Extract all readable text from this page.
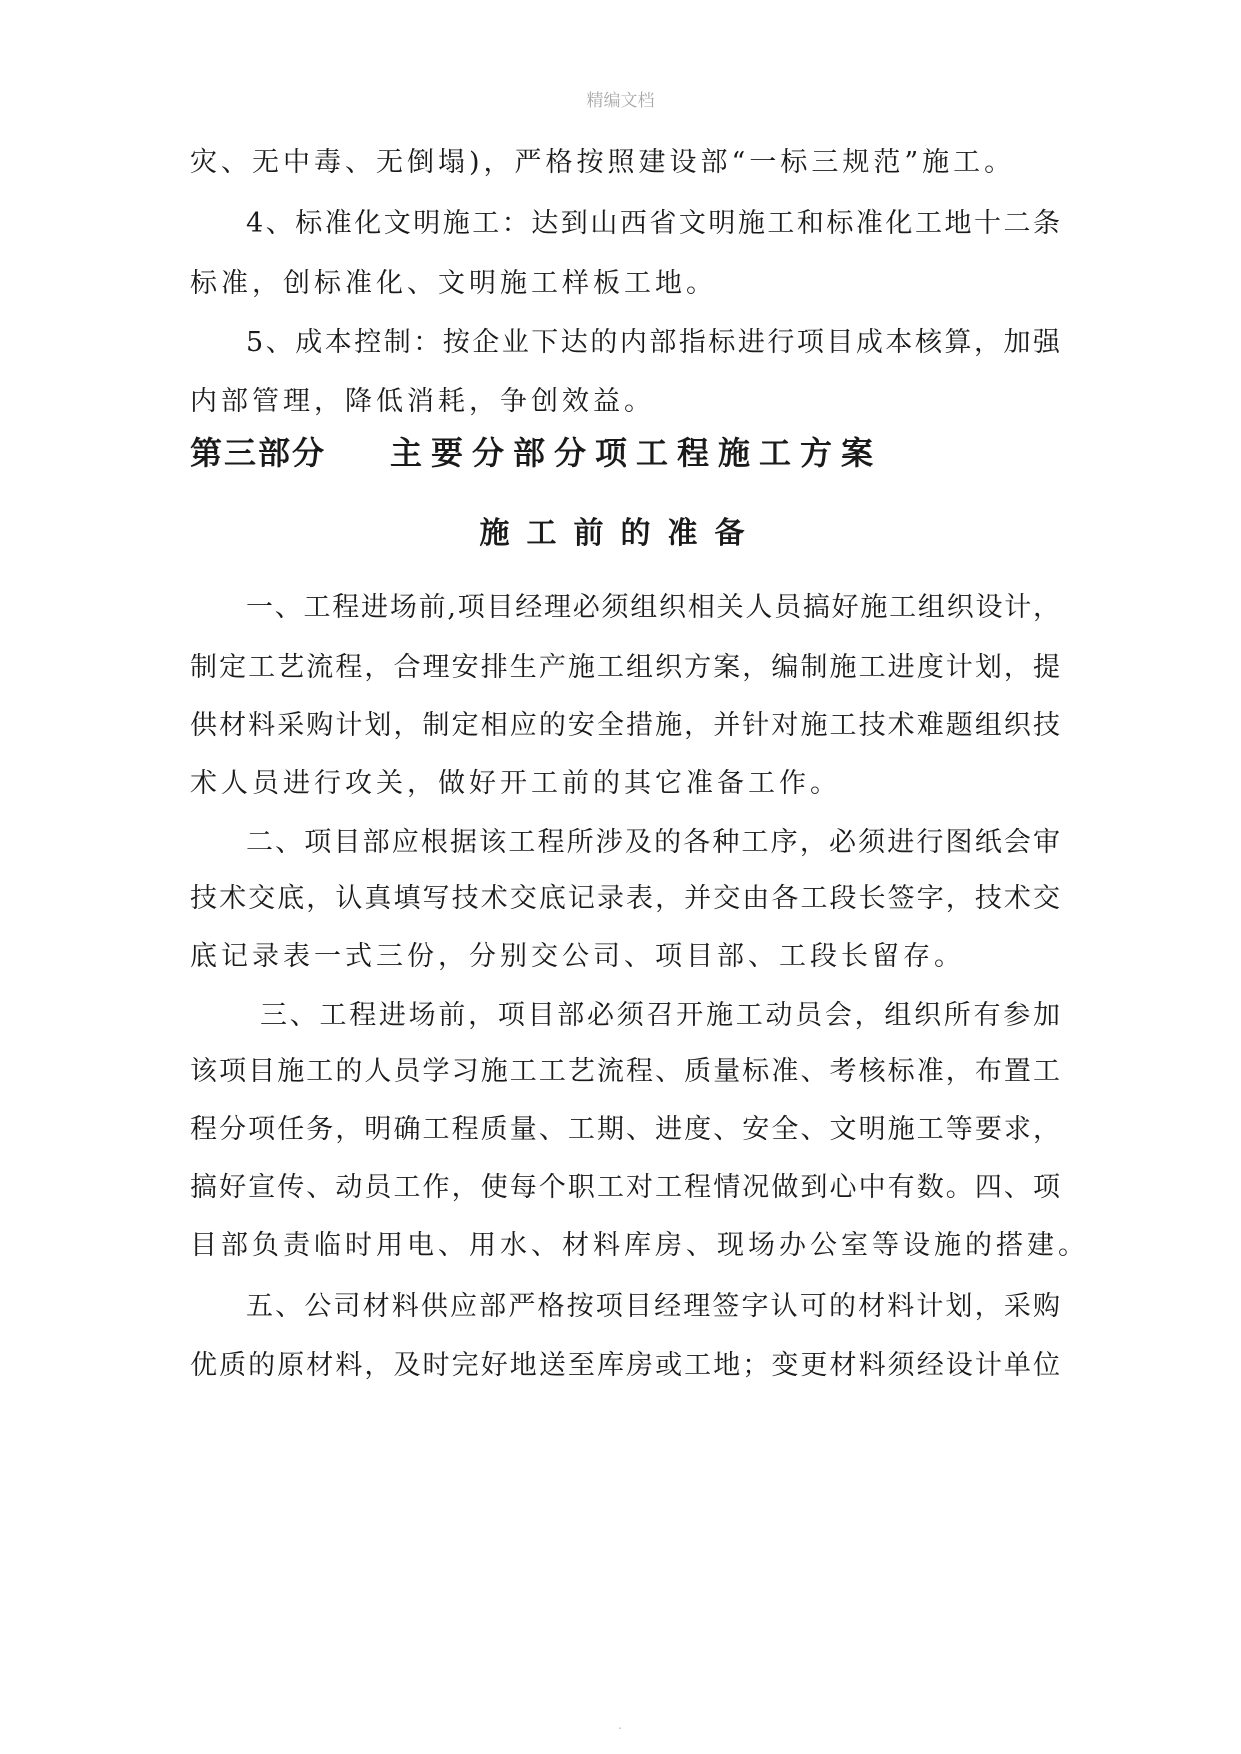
精编文档
灾、无中毒、无倒塌)，严格按照建设部“一标三规范”施工。
4、标准化文明施工：达到山西省文明施工和标准化工地十二条
标准，创标准化、文明施工样板工地。
5、成本控制：按企业下达的内部指标进行项目成本核算，加强
内部管理，降低消耗，争创效益。
第三部分 主要分部分项工程施工方案
施工前的准备
一、工程进场前,项目经理必须组织相关人员搞好施工组织设计，
制定工艺流程，合理安排生产施工组织方案，编制施工进度计划，提
供材料采购计划，制定相应的安全措施，并针对施工技术难题组织技
术人员进行攻关，做好开工前的其它准备工作。
二、项目部应根据该工程所涉及的各种工序，必须进行图纸会审
技术交底，认真填写技术交底记录表，并交由各工段长签字，技术交
底记录表一式三份，分别交公司、项目部、工段长留存。
三、工程进场前，项目部必须召开施工动员会，组织所有参加
该项目施工的人员学习施工工艺流程、质量标准、考核标准，布置工
程分项任务，明确工程质量、工期、进度、安全、文明施工等要求，
搞好宣传、动员工作，使每个职工对工程情况做到心中有数。四、项
目部负责临时用电、用水、材料库房、现场办公室等设施的搭建。
五、公司材料供应部严格按项目经理签字认可的材料计划，采购
优质的原材料，及时完好地送至库房或工地；变更材料须经设计单位
.
